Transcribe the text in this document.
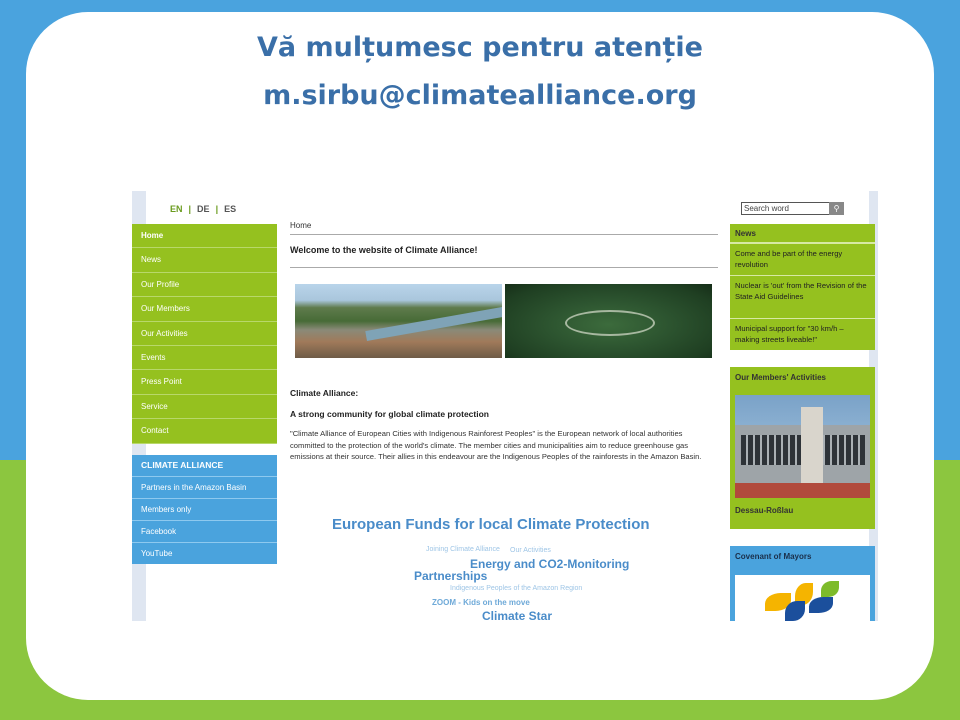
Vă mulțumesc pentru atenție
m.sirbu@climatealliance.org
EN | DE | ES
Home
News
Our Profile
Our Members
Our Activities
Events
Press Point
Service
Contact
CLIMATE ALLIANCE
Partners in the Amazon Basin
Members only
Facebook
YouTube
Home
Welcome to the website of Climate Alliance!
Climate Alliance:
A strong community for global climate protection
"Climate Alliance of European Cities with Indigenous Rainforest Peoples" is the European network of local authorities committed to the protection of the world's climate. The member cities and municipalities aim to reduce greenhouse gas emissions at their source. Their allies in this endeavour are the Indigenous Peoples of the rainforests in the Amazon Basin.
European Funds for local Climate Protection
Joining Climate Alliance Our Activities
Energy and CO2-Monitoring
Partnerships
Indigenous Peoples of the Amazon Region
ZOOM - Kids on the move
Climate Star
Search word	⚲
News
Come and be part of the energy revolution
Nuclear is 'out' from the Revision of the State Aid Guidelines
Municipal support for "30 km/h – making streets liveable!"
Our Members' Activities
Dessau-Roßlau
Covenant of Mayors
